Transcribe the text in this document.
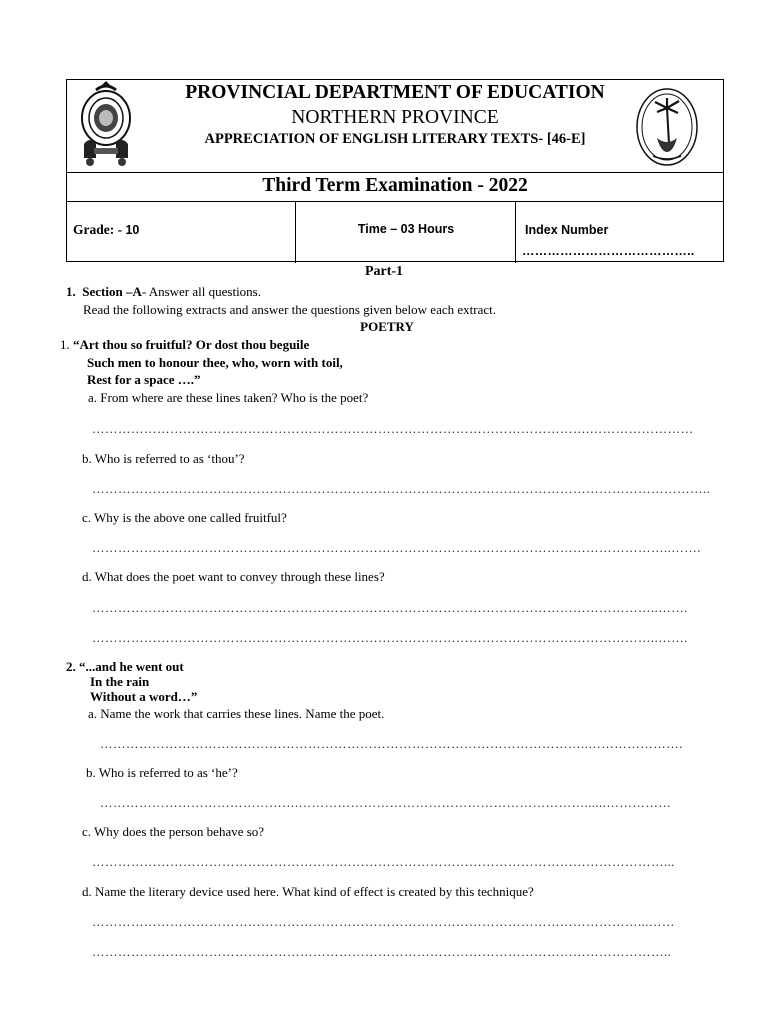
PROVINCIAL DEPARTMENT OF EDUCATION
NORTHERN PROVINCE
APPRECIATION OF ENGLISH LITERARY TEXTS- [46-E]
Third Term Examination - 2022
Grade: - 10	Time – 03 Hours	Index Number
…………………………………..
Part-1
1. Section –A- Answer all questions.
Read the following extracts and answer the questions given below each extract.
POETRY
1. “Art thou so fruitful? Or dost thou beguile
Such men to honour thee, who, worn with toil,
Rest for a space ….”
a. From where are these lines taken? Who is the poet?
…………………………………………………………………………………………………….……………………
b. Who is referred to as ‘thou’?
……………………………………………………………………………………………………………………………..
c. Why is the above one called fruitful?
……………………………………………………………………………………………………………………..…….
d. What does the poet want to convey through these lines?
…………………………………………………………………………………………………………………..…….
…………………………………………………………………………………………………………………..…….
2. “...and he went out
In the rain
Without a word…”
a. Name the work that carries these lines. Name the poet.
…………………………………………………………………………………………………..………………….
b. Who is referred to as ‘he’?
……………………………………….…………………………………………………………......……………
c. Why does the person behave so?
……………………………………………………………………………………………………………………...
d. Name the literary device used here. What kind of effect is created by this technique?
………………………………………………………………………………………………………………...……
……………………………………………………………………………………………………………………..
